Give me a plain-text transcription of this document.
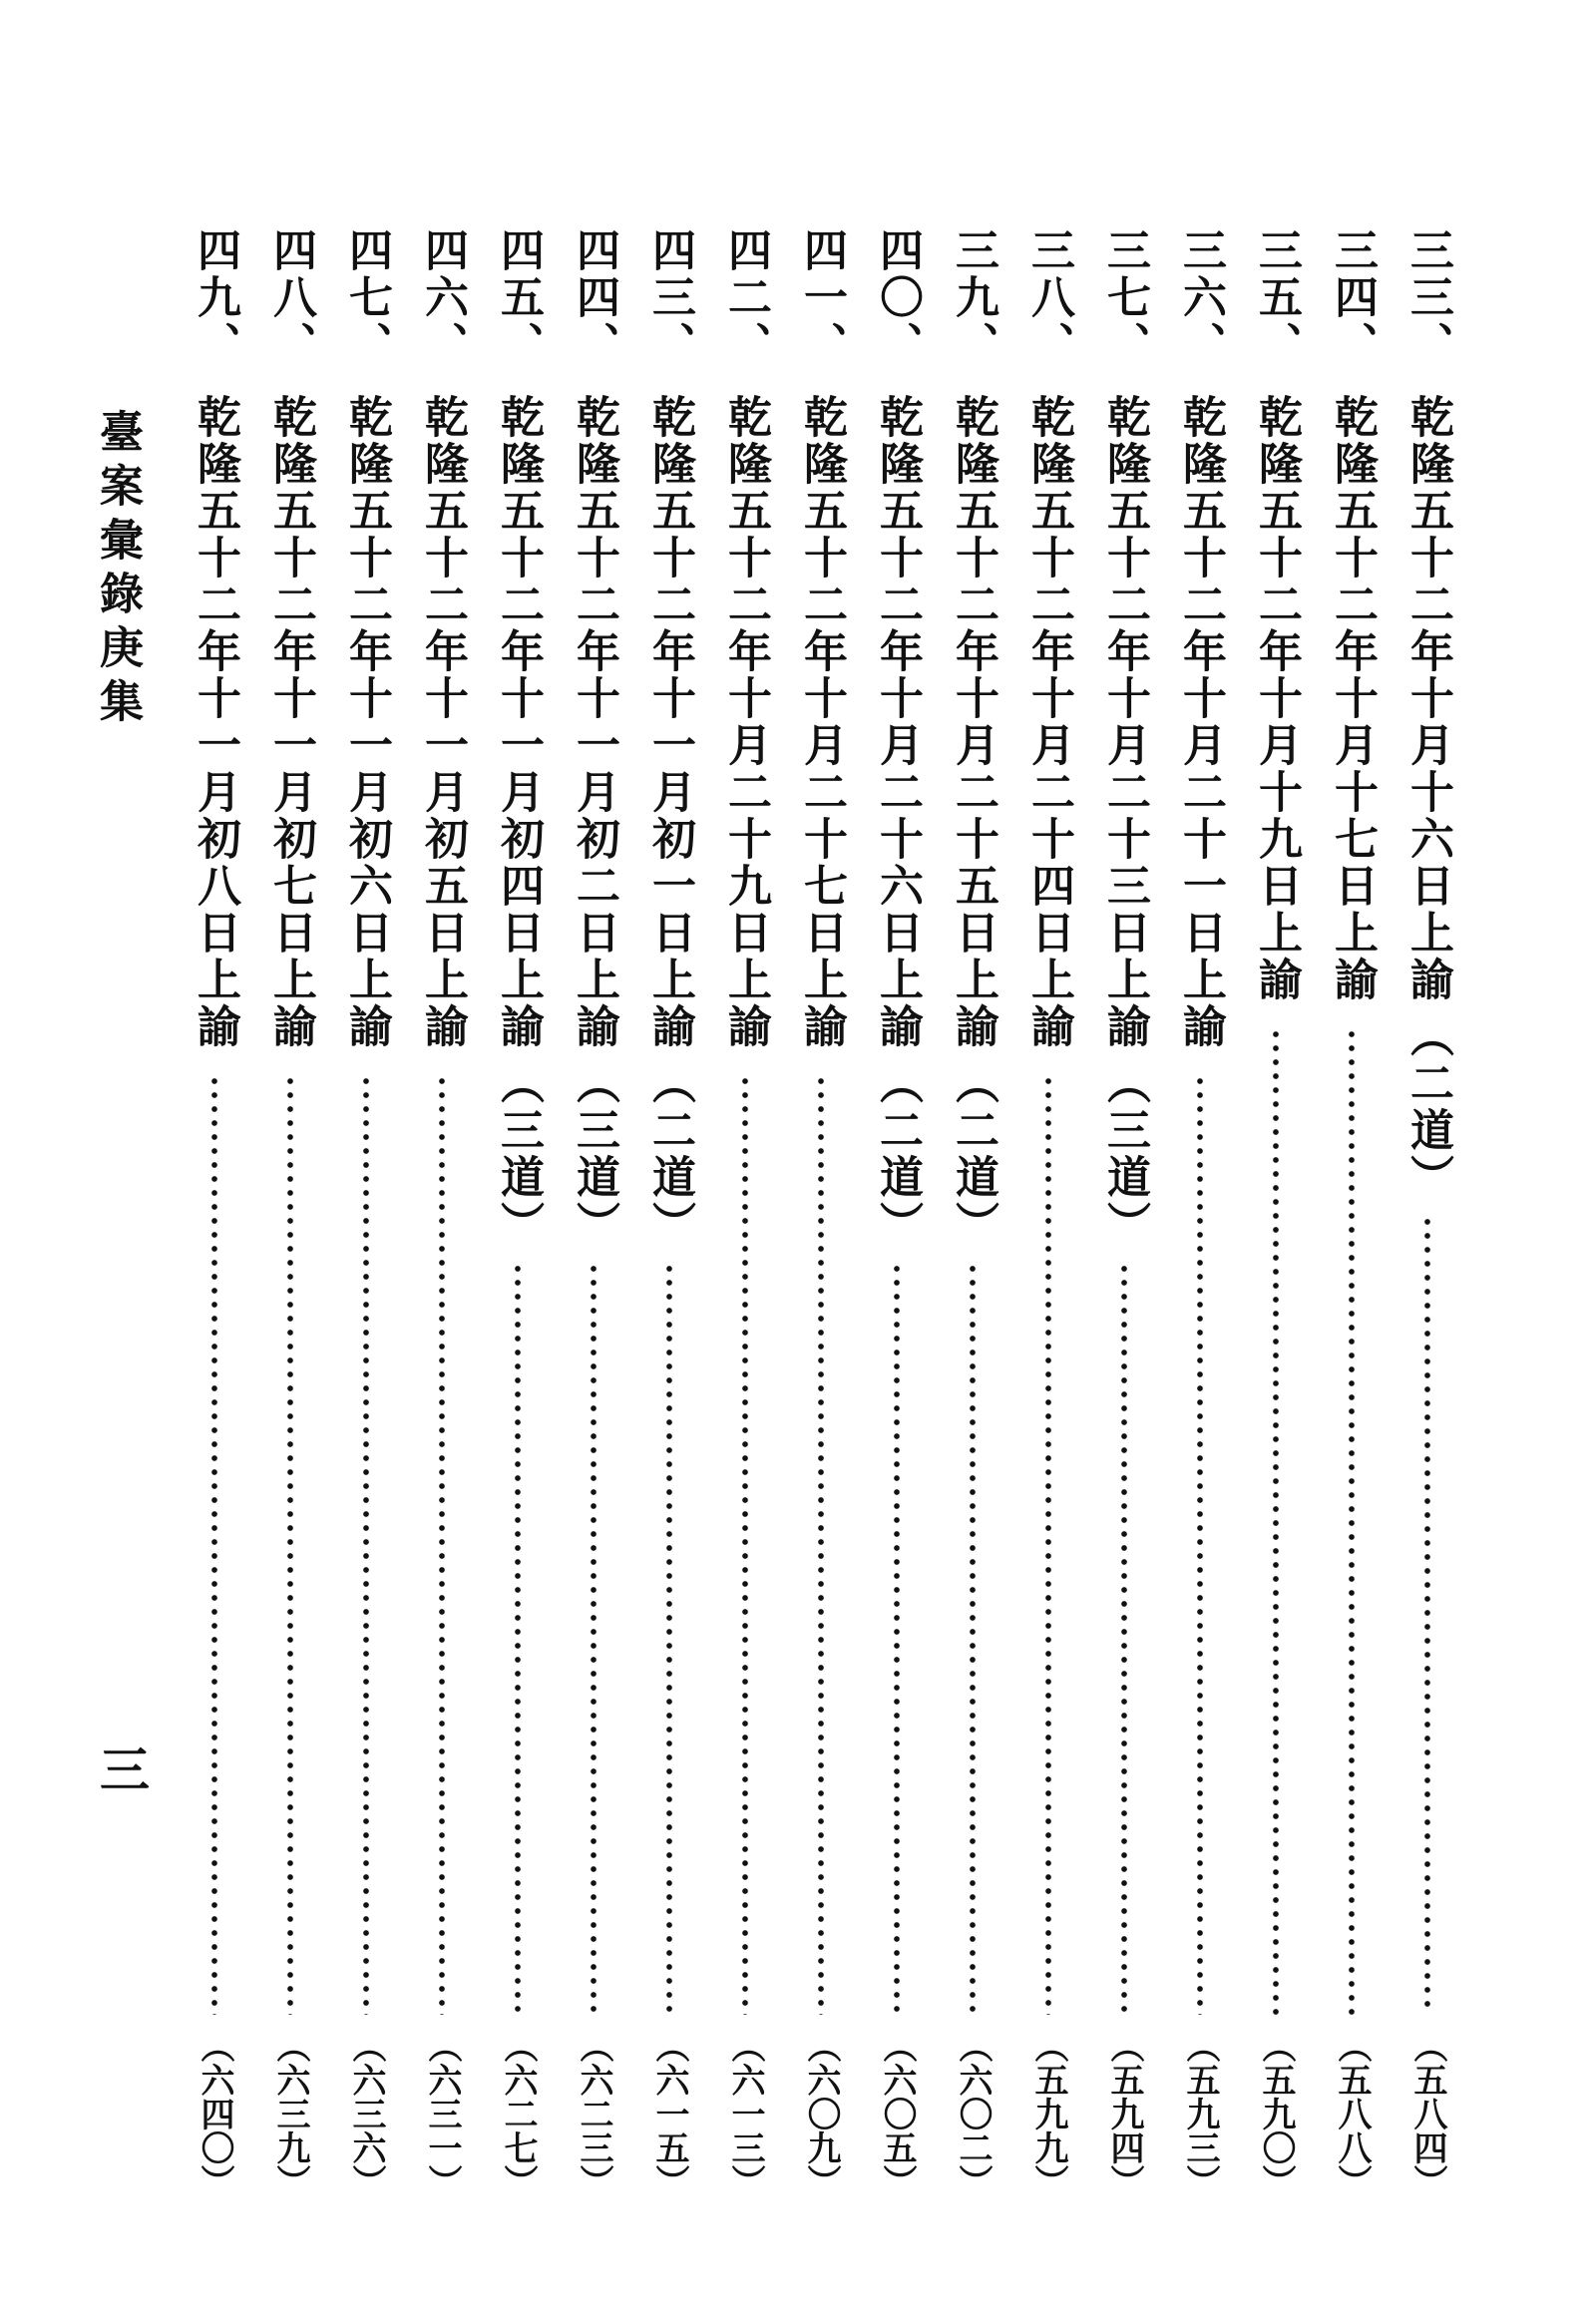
臺案彙錄庚集
三
三三、
乾隆五十二年十月十六日上諭
（二道）
（五八四）
三四、
乾隆五十二年十月十七日上諭
（五八八）
三五、
乾隆五十二年十月十九日上諭
（五九〇）
三六、
乾隆五十二年十月二十一日上諭
（五九三）
三七、
乾隆五十二年十月二十三日上諭
（三道）
（五九四）
三八、
乾隆五十二年十月二十四日上諭
（五九九）
三九、
乾隆五十二年十月二十五日上諭
（二道）
（六〇二）
四〇、
乾隆五十二年十月二十六日上諭
（二道）
（六〇五）
四一、
乾隆五十二年十月二十七日上諭
（六〇九）
四二、
乾隆五十二年十月二十九日上諭
（六一三）
四三、
乾隆五十二年十一月初一日上諭
（二道）
（六一五）
四四、
乾隆五十二年十一月初二日上諭
（三道）
（六二三）
四五、
乾隆五十二年十一月初四日上諭
（三道）
（六二七）
四六、
乾隆五十二年十一月初五日上諭
（六三一）
四七、
乾隆五十二年十一月初六日上諭
（六三六）
四八、
乾隆五十二年十一月初七日上諭
（六三九）
四九、
乾隆五十二年十一月初八日上諭
（六四〇）
